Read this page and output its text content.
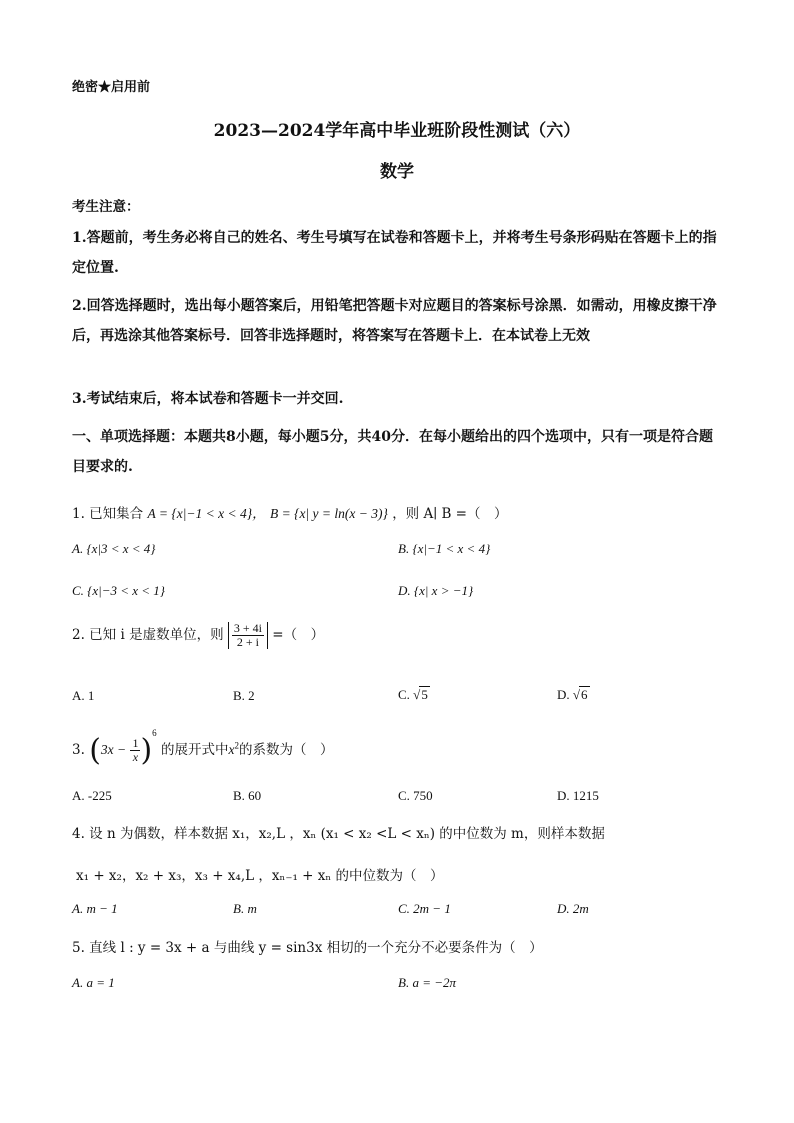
绝密★启用前
2023—2024学年高中毕业班阶段性测试（六）
数学
考生注意：
1.答题前，考生务必将自己的姓名、考生号填写在试卷和答题卡上，并将考生号条形码贴在答题卡上的指定位置.
2.回答选择题时，选出每小题答案后，用铅笔把答题卡对应题目的答案标号涂黑．如需动，用橡皮擦干净后，再选涂其他答案标号．回答非选择题时，将答案写在答题卡上．在本试卷上无效
3.考试结束后，将本试卷和答题卡一并交回.
一、单项选择题：本题共8小题，每小题5分，共40分．在每小题给出的四个选项中，只有一项是符合题目要求的.
1. 已知集合 A = {x|−1 < x < 4}， B = {x| y = ln(x − 3)} ，则 A∣ B =（　）
A. {x|3 < x < 4}	B. {x|−1 < x < 4}
C. {x|−3 < x < 1}	D. {x| x > −1}
2. 已知 i 是虚数单位，则 $\frac{3 + 4i}{2 + i}$ =（　）
A. 1	B. 2	C. √5	D. √6
3. $(3x - \frac{1}{x} )^6$ 的展开式中$x^2$的系数为（　）
A. -225	B. 60	C. 750	D. 1215
4. 设 n 为偶数，样本数据 x₁，x₂,L ，xₙ (x₁ < x₂ <L < xₙ) 的中位数为 m，则样本数据
x₁ + x₂，x₂ + x₃，x₃ + x₄,L ，xₙ₋₁ + xₙ 的中位数为（　）
A. m − 1	B. m	C. 2m − 1	D. 2m
5. 直线 l : y = 3x + a 与曲线 y = sin3x 相切的一个充分不必要条件为（　）
A. a = 1	B. a = −2π
